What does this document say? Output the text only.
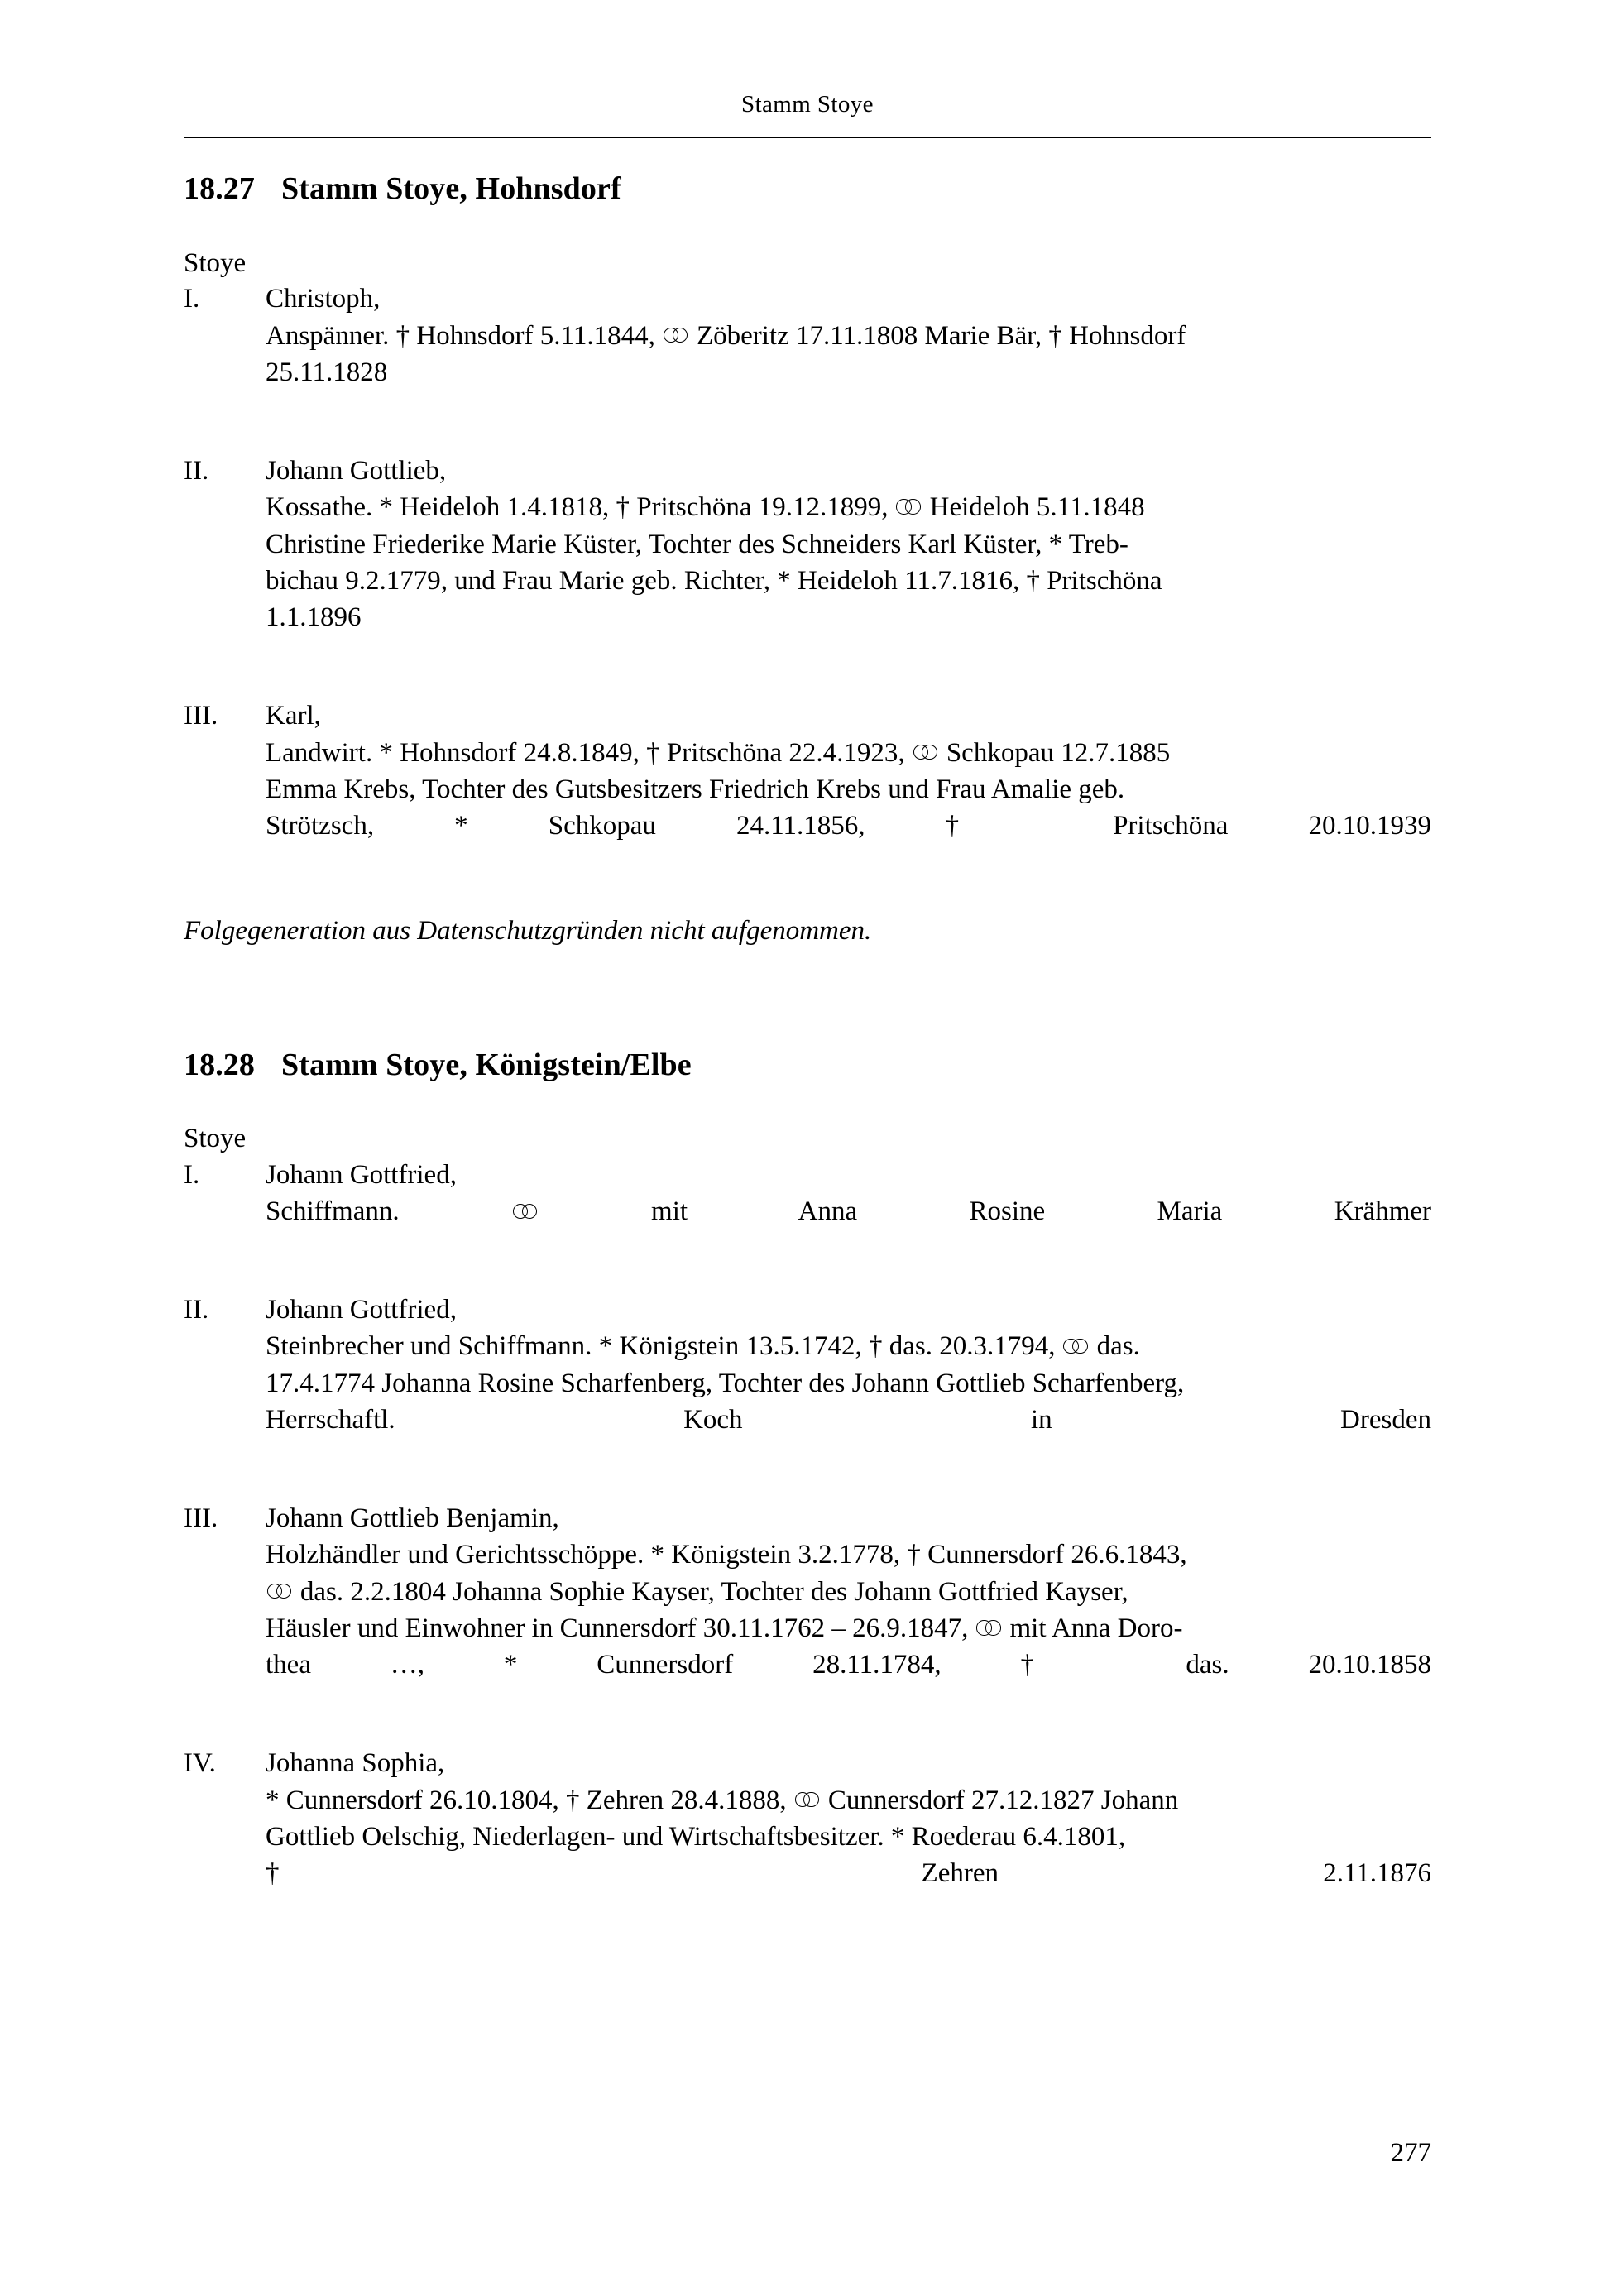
Stamm Stoye
18.27 Stamm Stoye, Hohnsdorf

Stoye

I.	Christoph,
Anspänner. † Hohnsdorf 5.11.1844,
Zöberitz 17.11.1808 Marie Bär, † Hohnsdorf
25.11.1828
II.	Johann Gottlieb,
Kossathe. * Heideloh 1.4.1818, † Pritschöna 19.12.1899,
Heideloh 5.11.1848
Christine Friederike Marie Küster, Tochter des Schneiders Karl Küster, * Treb-
bichau 9.2.1779, und Frau Marie geb. Richter, * Heideloh 11.7.1816, † Pritschöna
1.1.1896
III.	Karl,
Landwirt. * Hohnsdorf 24.8.1849, † Pritschöna 22.4.1923,
Schkopau 12.7.1885
Emma Krebs, Tochter des Gutsbesitzers Friedrich Krebs und Frau Amalie geb.
Strötzsch, * Schkopau 24.11.1856, † Pritschöna 20.10.1939

Folgegeneration aus Datenschutzgründen nicht aufgenommen.

18.28 Stamm Stoye, Königstein/Elbe

Stoye

I.	Johann Gottfried,
Schiffmann.
mit Anna Rosine Maria Krähmer
II.	Johann Gottfried,
Steinbrecher und Schiffmann. * Königstein 13.5.1742, † das. 20.3.1794,
das.
17.4.1774 Johanna Rosine Scharfenberg, Tochter des Johann Gottlieb Scharfenberg,
Herrschaftl. Koch in Dresden
III.	Johann Gottlieb Benjamin,
Holzhändler und Gerichtsschöppe. * Königstein 3.2.1778, † Cunnersdorf 26.6.1843,
das. 2.2.1804 Johanna Sophie Kayser, Tochter des Johann Gottfried Kayser,
Häusler und Einwohner in Cunnersdorf 30.11.1762 – 26.9.1847,
mit Anna Doro-
thea …, * Cunnersdorf 28.11.1784, † das. 20.10.1858
IV.	Johanna Sophia,
* Cunnersdorf 26.10.1804, † Zehren 28.4.1888,
Cunnersdorf 27.12.1827 Johann
Gottlieb Oelschig, Niederlagen- und Wirtschaftsbesitzer. * Roederau 6.4.1801,
† Zehren 2.11.1876
277
